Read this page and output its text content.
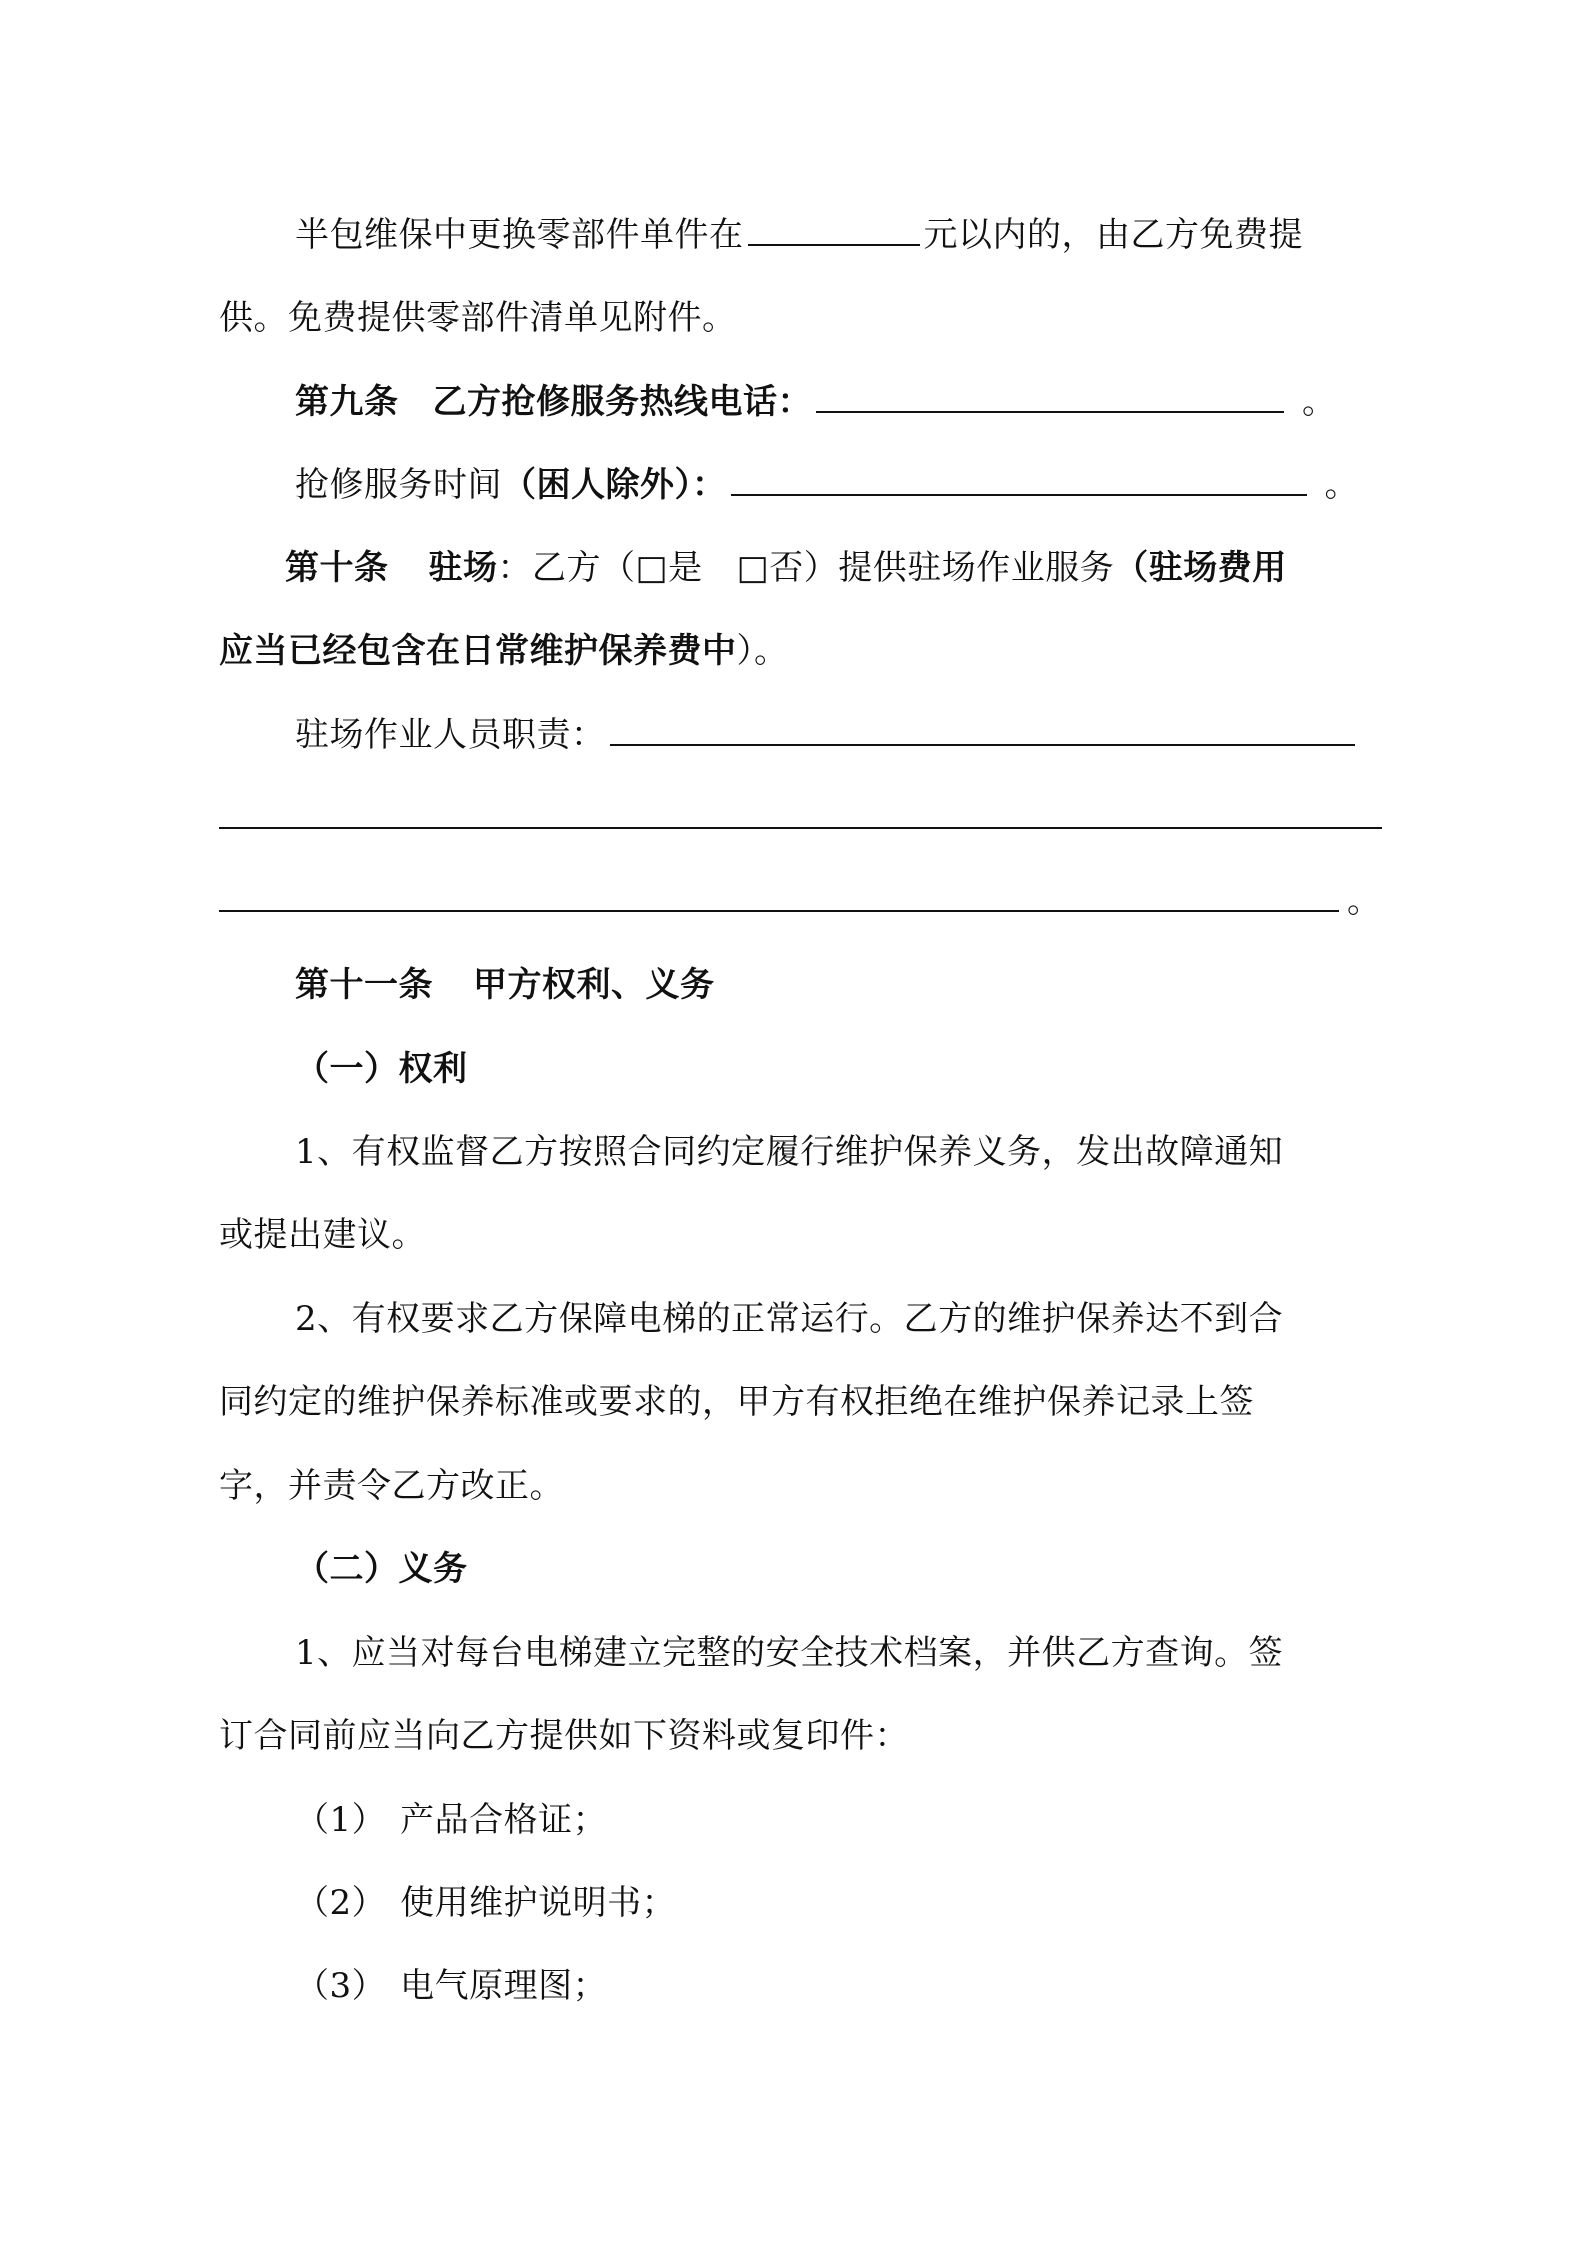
半包维保中更换零部件单件在	元以内的，由乙方免费提
供。免费提供零部件清单见附件。
第九条 乙方抢修服务热线电话：	。
抢修服务时间（困人除外）：	。
第十条 驻场：乙方（□是 □否）提供驻场作业服务（驻场费用
应当已经包含在日常维护保养费中）。
驻场作业人员职责：
。
第十一条 甲方权利、义务
（一）权利
1、有权监督乙方按照合同约定履行维护保养义务，发出故障通知
或提出建议。
2、有权要求乙方保障电梯的正常运行。乙方的维护保养达不到合
同约定的维护保养标准或要求的，甲方有权拒绝在维护保养记录上签
字，并责令乙方改正。
（二）义务
1、应当对每台电梯建立完整的安全技术档案，并供乙方查询。签
订合同前应当向乙方提供如下资料或复印件：
（1） 产品合格证；
（2） 使用维护说明书；
（3） 电气原理图；
